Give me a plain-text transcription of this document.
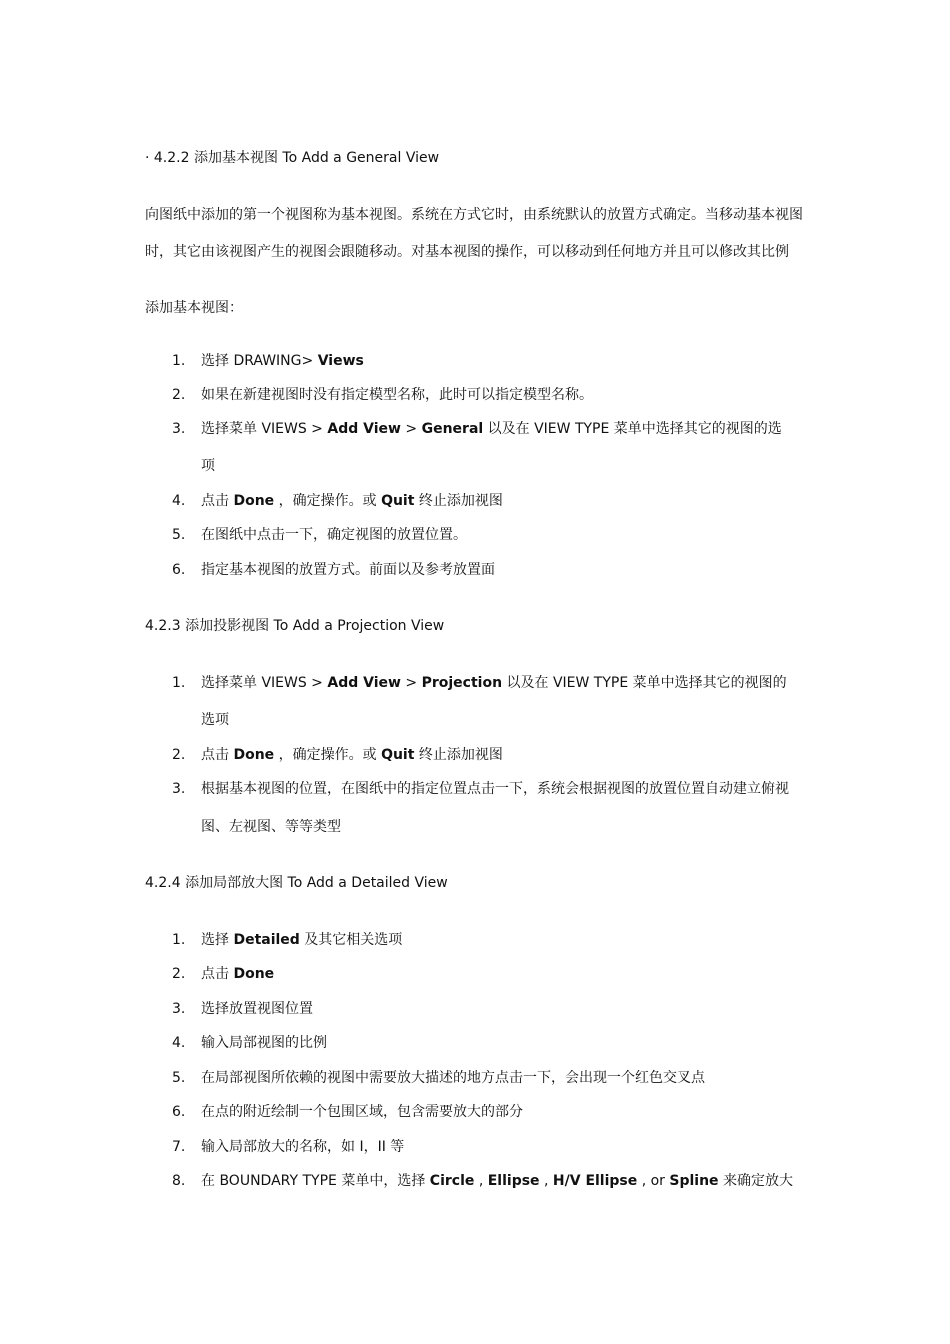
· 4.2.2 添加基本视图 To Add a General View
向图纸中添加的第一个视图称为基本视图。系统在方式它时，由系统默认的放置方式确定。当移动基本视图
时，其它由该视图产生的视图会跟随移动。对基本视图的操作，可以移动到任何地方并且可以修改其比例
添加基本视图：
1.	选择 DRAWING> Views
2.	如果在新建视图时没有指定模型名称，此时可以指定模型名称。
3.	选择菜单 VIEWS > Add View > General 以及在 VIEW TYPE 菜单中选择其它的视图的选
项
4.	点击 Done ，确定操作。或 Quit 终止添加视图
5.	在图纸中点击一下，确定视图的放置位置。
6.	指定基本视图的放置方式。前面以及参考放置面
4.2.3 添加投影视图 To Add a Projection View
1.	选择菜单 VIEWS > Add View > Projection 以及在 VIEW TYPE 菜单中选择其它的视图的
选项
2.	点击 Done ，确定操作。或 Quit 终止添加视图
3.	根据基本视图的位置，在图纸中的指定位置点击一下，系统会根据视图的放置位置自动建立俯视
图、左视图、等等类型
4.2.4 添加局部放大图 To Add a Detailed View
1.	选择 Detailed 及其它相关选项
2.	点击 Done
3.	选择放置视图位置
4.	输入局部视图的比例
5.	在局部视图所依赖的视图中需要放大描述的地方点击一下，会出现一个红色交叉点
6.	在点的附近绘制一个包围区域，包含需要放大的部分
7.	输入局部放大的名称，如 I，II 等
8.	在 BOUNDARY TYPE 菜单中，选择 Circle , Ellipse , H/V Ellipse , or Spline 来确定放大
